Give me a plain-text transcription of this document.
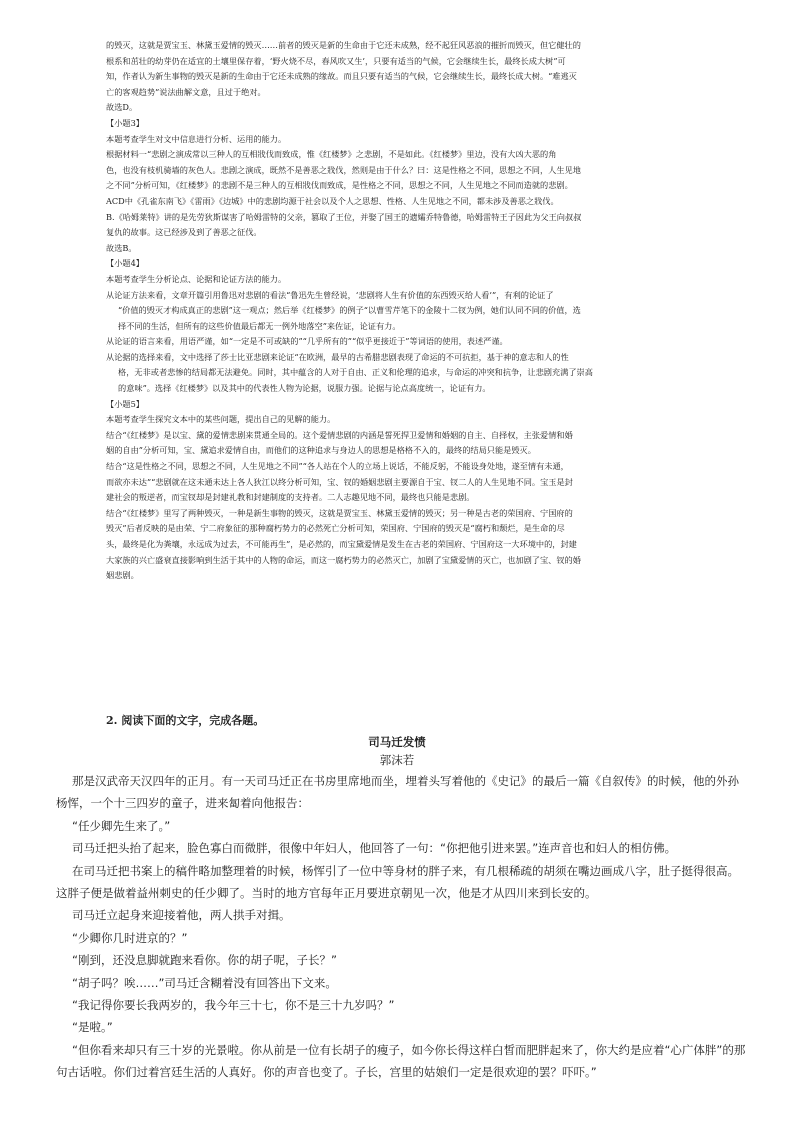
的毁灭，这就是贾宝玉、林黛玉爱情的毁灭……前者的毁灭是新的生命由于它还未成熟，经不起狂风恶浪的摧折而毁灭，但它健壮的

根系和茁壮的幼芽仍在适宜的土壤里保存着，‘野火烧不尽，春风吹又生’，只要有适当的气候，它会继续生长，最终长成大树”可

知，作者认为新生事物的毁灭是新的生命由于它还未成熟的缘故。而且只要有适当的气候，它会继续生长，最终长成大树。“难逃灭

亡的客观趋势”说法曲解文意，且过于绝对。

故选D。

【小题3】

本题考查学生对文中信息进行分析、运用的能力。

根据材料一“悲剧之演成常以三种人的互相戕伐而致成，惟《红楼梦》之悲剧，不是如此。《红楼梦》里边，没有大凶大恶的角

色，也没有枝机骑墙的灰色人。悲剧之演成，既然不是善恶之戕伐，然则是由于什么？曰：这是性格之不同，思想之不同，人生见地

之不同”分析可知，《红楼梦》的悲剧不是三种人的互相戕伐而致成，是性格之不同，思想之不同，人生见地之不同而造就的悲剧。

ACD中《孔雀东南飞》《雷雨》《边城》中的悲剧均源于社会以及个人之思想、性格、人生见地之不同，都未涉及善恶之戕伐。

B.《哈姆莱特》讲的是先劳狄斯谋害了哈姆雷特的父亲，篡取了王位，并娶了国王的遗孀乔特鲁德，哈姆雷特王子因此为父王向叔叔

复仇的故事。这已经涉及到了善恶之征伐。

故选B。

【小题4】

本题考查学生分析论点、论据和论证方法的能力。

从论证方法来看，文章开篇引用鲁迅对悲剧的看法“鲁迅先生曾经说，‘悲剧将人生有价值的东西毁灭给人看’”，有利的论证了

“价值的毁灭才构成真正的悲剧”这一观点；然后举《红楼梦》的例子“以曹雪芹笔下的金陵十二钗为例，她们认同不同的价值，选

择不同的生活，但所有的这些价值最后都无一例外地落空”来佐证，论证有力。

从论证的语言来看，用语严谨，如“一定是不可或缺的”“几乎所有的”“似乎更接近于”等词语的使用，表述严谨。

从论据的选择来看，文中选择了莎士比亚悲剧来论证“在欧洲，最早的古希腊悲剧表现了命运的不可抗拒，基于神的意志和人的性

格，无非或者悲惨的结局都无法避免。同时，其中蕴含的人对于自由、正义和伦理的追求，与命运的冲突和抗争，让悲剧充满了崇高

的意味”。选择《红楼梦》以及其中的代表性人物为论据，说服力强。论据与论点高度统一，论证有力。

【小题5】

本题考查学生探究文本中的某些问题，提出自己的见解的能力。

结合“《红楼梦》是以宝、黛的爱情悲剧来贯通全局的。这个爱情悲剧的内涵是誓死捍卫爱情和婚姻的自主、自择权，主张爱情和婚

姻的自由”分析可知，宝、黛追求爱情自由，而他们的这种追求与身边人的思想是格格不入的，最终的结局只能是毁灭。

结合“这是性格之不同，思想之不同，人生见地之不同”“各人站在个人的立场上说话，不能反躬，不能设身处地，遂至情有未通，

而欲亦未达”“悲剧就在这未通未达上各人狄江以终分析可知，宝、钗的婚姻悲剧主要源自于宝、钗二人的人生见地不同。宝玉是封

建社会的叛逆者，而宝钗却是封建礼教和封建制度的支持者。二人志趣见地不同，最终也只能是悲剧。

结合“《红楼梦》里写了两种毁灭，一种是新生事物的毁灭，这就是贾宝玉、林黛玉爱情的毁灭；另一种是古老的荣国府、宁国府的

毁灭”后者反映的是由荣、宁二府象征的那种腐朽势力的必然死亡分析可知，荣国府、宁国府的毁灭是“腐朽和颓烂，是生命的尽

头，最终是化为粪壤，永远成为过去，不可能再生”，是必然的，而宝黛爱情是发生在古老的荣国府、宁国府这一大环境中的，封建

大家族的兴亡盛衰直接影响到生活于其中的人物的命运，而这一腐朽势力的必然灭亡，加剧了宝黛爱情的灭亡，也加剧了宝、钗的婚

姻悲剧。

2. 阅读下面的文字，完成各题。
司马迁发愤
郭沫若

那是汉武帝天汉四年的正月。有一天司马迁正在书房里席地而坐，埋着头写着他的《史记》的最后一篇《自叙传》的时候，他的外孙杨恽，一个十三四岁的童子，进来匐着向他报告：

“任少卿先生来了。”

司马迁把头抬了起来，脸色寡白而微胖，很像中年妇人，他回答了一句：“你把他引进来罢。”连声音也和妇人的相仿佛。

在司马迁把书案上的稿件略加整理着的时候，杨恽引了一位中等身材的胖子来，有几根稀疏的胡须在嘴边画成八字，肚子挺得很高。这胖子便是做着益州刺史的任少卿了。当时的地方官每年正月要进京朝见一次，他是才从四川来到长安的。

司马迁立起身来迎接着他，两人拱手对揖。

“少卿你几时进京的？”

“刚到，还没息脚就跑来看你。你的胡子呢，子长？”

“胡子吗？唉……”司马迁含糊着没有回答出下文来。

“我记得你要长我两岁的，我今年三十七，你不是三十九岁吗？”

“是啦。”

“但你看来却只有三十岁的光景啦。你从前是一位有长胡子的瘦子，如今你长得这样白皙而肥胖起来了，你大约是应着“心广体胖”的那句古话啦。你们过着宫廷生活的人真好。你的声音也变了。子长，宫里的姑娘们一定是很欢迎的罢？吓吓。”
